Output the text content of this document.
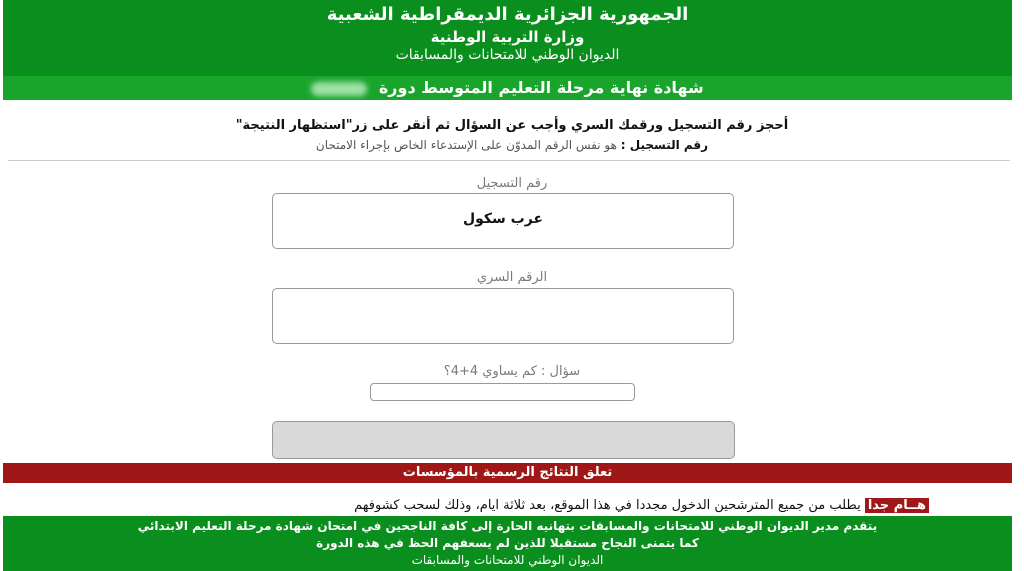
الجمهورية الجزائرية الديمقراطية الشعبية
وزارة التربية الوطنية
الديوان الوطني للامتحانات والمسابقات
شهادة نهاية مرحلة التعليم المتوسط دورة
أحجز رقم التسجيل ورقمك السري وأجب عن السؤال ثم أنقر على زر"استظهار النتيجة"
رقم التسجيل : هو نفس الرقم المدوّن على الإستدعاء الخاص بإجراء الامتحان
رقم التسجيل
عرب سكول
الرقم السري
سؤال : كم يساوي 4+4؟
تعلق النتائج الرسمية بالمؤسسات
هــام جدا يطلب من جميع المترشحين الدخول مجددا في هذا الموقع، بعد ثلاثة ايام، وذلك لسحب كشوفهم
يتقدم مدير الديوان الوطني للامتحانات والمسابقات بتهانيه الحارة إلى كافة الناجحين في امتحان شهادة مرحلة التعليم الابتدائي
كما يتمنى النجاح مستقبلا للذين لم يسعفهم الحظ في هذه الدورة
الديوان الوطني للامتحانات والمسابقات
